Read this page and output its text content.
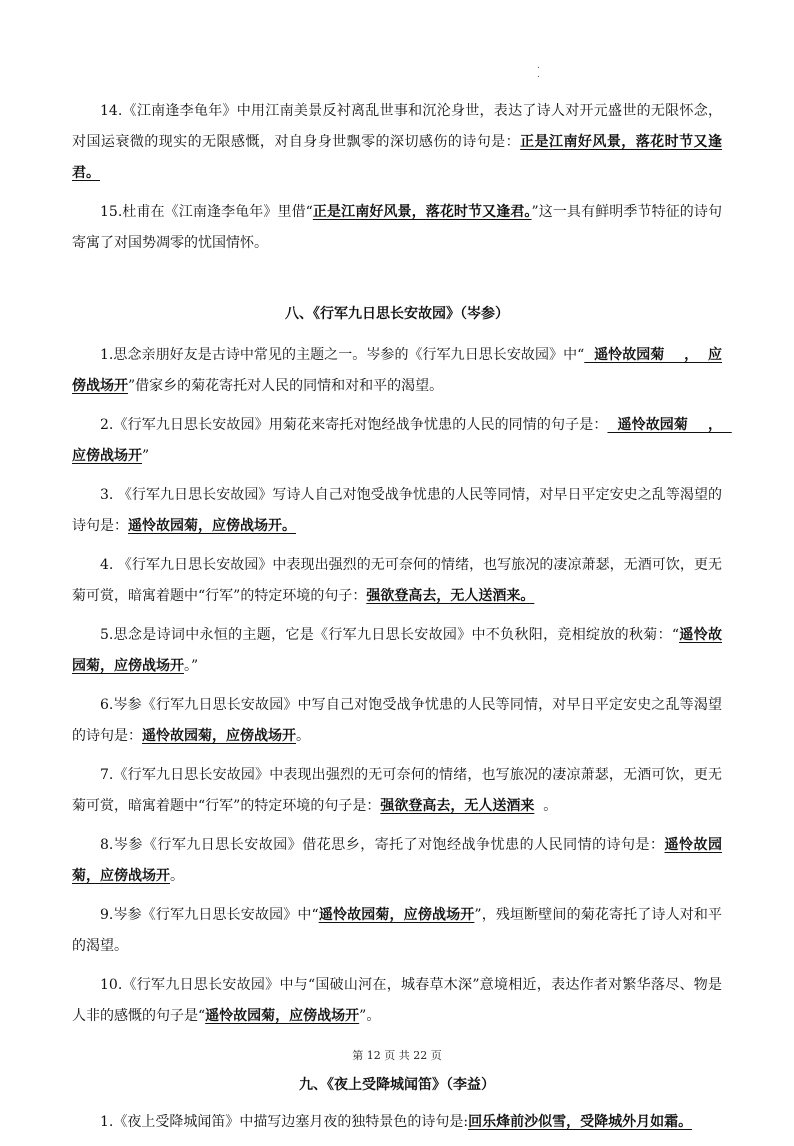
.
.

14.《江南逢李龟年》中用江南美景反衬离乱世事和沉沦身世，表达了诗人对开元盛世的无限怀念，对国运衰微的现实的无限感慨，对自身身世飘零的深切感伤的诗句是：正是江南好风景，落花时节又逢君。

15.杜甫在《江南逢李龟年》里借“正是江南好风景，落花时节又逢君。”这一具有鲜明季节特征的诗句寄寓了对国势凋零的忧国情怀。

八、《行军九日思长安故园》（岑参）

1.思念亲朋好友是古诗中常见的主题之一。岑参的《行军九日思长安故园》中“  遥怜故园菊    ，  应傍战场开”借家乡的菊花寄托对人民的同情和对和平的渴望。

2.《行军九日思长安故园》用菊花来寄托对饱经战争忧患的人民的同情的句子是：  遥怜故园菊    ，  应傍战场开”

3. 《行军九日思长安故园》写诗人自己对饱受战争忧患的人民等同情，对早日平定安史之乱等渴望的诗句是：遥怜故园菊，应傍战场开。

4. 《行军九日思长安故园》中表现出强烈的无可奈何的情绪，也写旅况的凄凉萧瑟，无酒可饮，更无菊可赏，暗寓着题中“行军”的特定环境的句子：强欲登高去，无人送酒来。

5.思念是诗词中永恒的主题，它是《行军九日思长安故园》中不负秋阳，竞相绽放的秋菊：“遥怜故园菊，应傍战场开。”

6.岑参《行军九日思长安故园》中写自己对饱受战争忧患的人民等同情，对早日平定安史之乱等渴望的诗句是：遥怜故园菊，应傍战场开。

7.《行军九日思长安故园》中表现出强烈的无可奈何的情绪，也写旅况的凄凉萧瑟，无酒可饮，更无菊可赏，暗寓着题中“行军”的特定环境的句子是：强欲登高去，无人送酒来  。

8.岑参《行军九日思长安故园》借花思乡，寄托了对饱经战争忧患的人民同情的诗句是：遥怜故园菊，应傍战场开。

9.岑参《行军九日思长安故园》中“遥怜故园菊，应傍战场开”，残垣断壁间的菊花寄托了诗人对和平的渴望。

10.《行军九日思长安故园》中与“国破山河在，城春草木深”意境相近，表达作者对繁华落尽、物是人非的感慨的句子是“遥怜故园菊，应傍战场开”。

九、《夜上受降城闻笛》（李益）

1.《夜上受降城闻笛》中描写边塞月夜的独特景色的诗句是:回乐烽前沙似雪，受降城外月如霜。

第 12 页 共 22 页
